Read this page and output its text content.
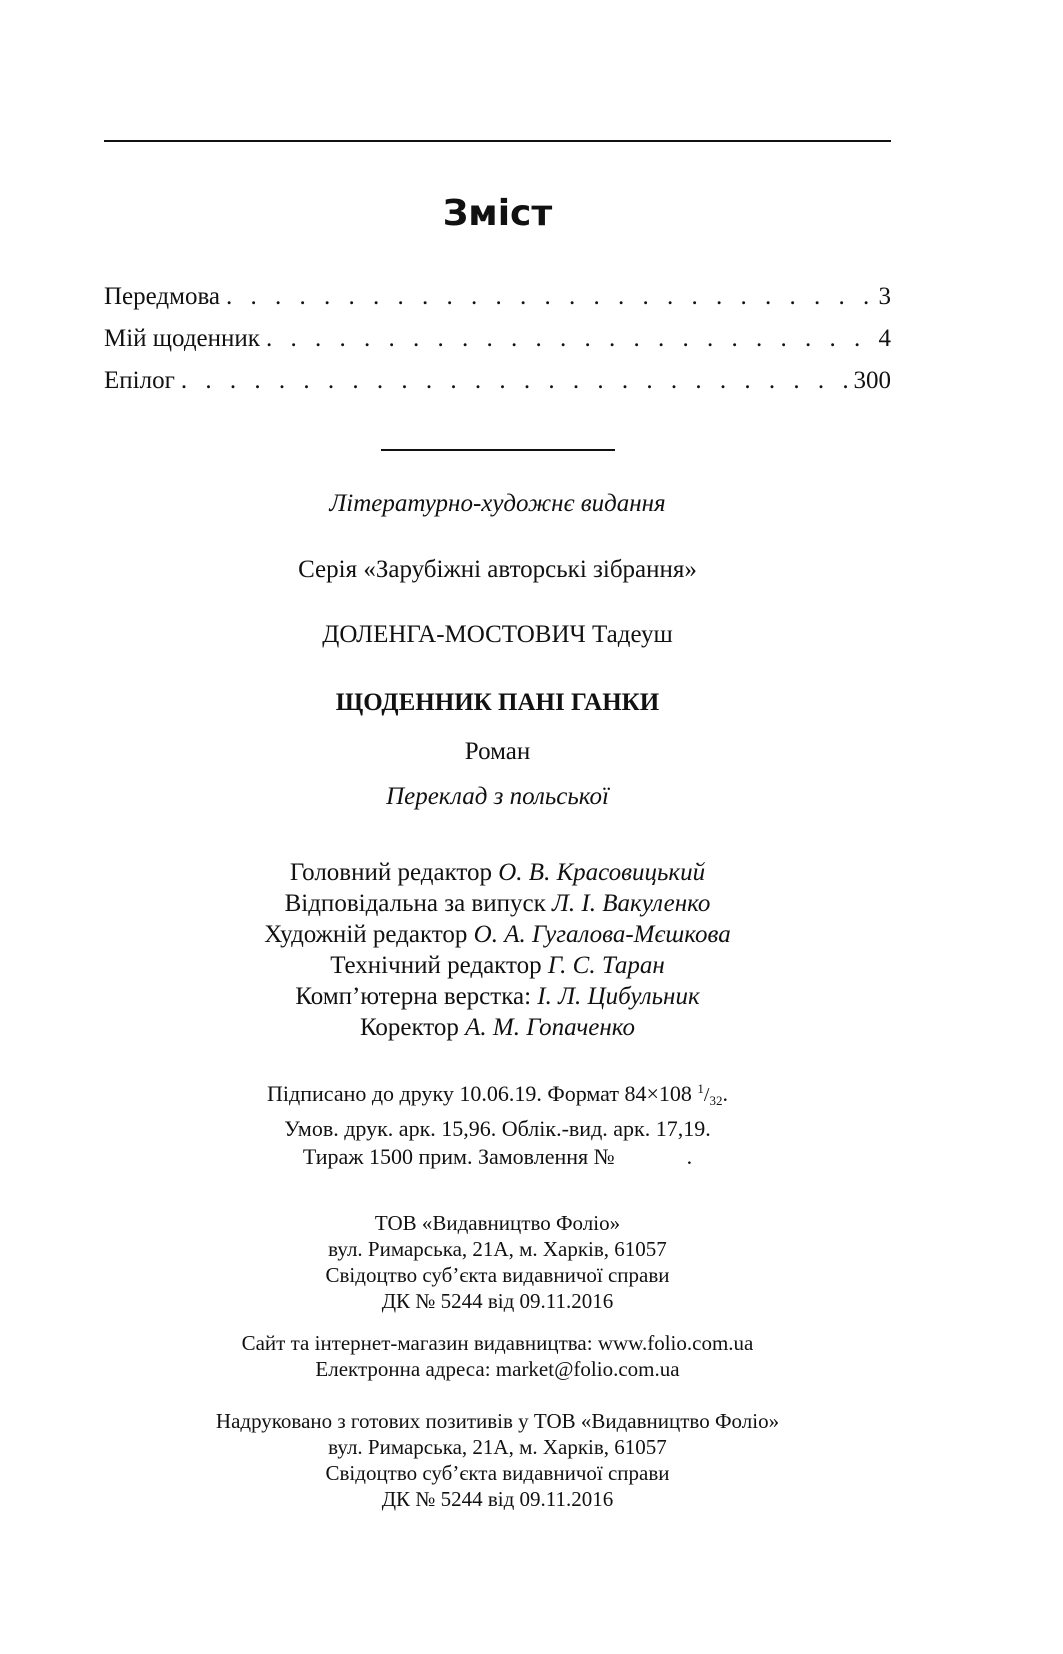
Зміст
Передмова . . .	3
Мій щоденник . . .	4
Епілог . . .	300
Літературно-художнє видання
Серія «Зарубіжні авторські зібрання»
ДОЛЕНГА-МОСТОВИЧ Тадеуш
ЩОДЕННИК ПАНІ ГАНКИ
Роман
Переклад з польської
Головний редактор О. В. Красовицький
Відповідальна за випуск Л. І. Вакуленко
Художній редактор О. А. Гугалова-Мєшкова
Технічний редактор Г. С. Таран
Комп’ютерна верстка: І. Л. Цибульник
Коректор А. М. Гопаченко
Підписано до друку 10.06.19. Формат 84×108 $^1/_{32}$.
Умов. друк. арк. 15,96. Облік.-вид. арк. 17,19.
Тираж 1500 прим. Замовлення №	.
ТОВ «Видавництво Фоліо»
вул. Римарська, 21А, м. Харків, 61057
Свідоцтво суб’єкта видавничої справи
ДК № 5244 від 09.11.2016
Сайт та інтернет-магазин видавництва: www.folio.com.ua
Електронна адреса: market@folio.com.ua
Надруковано з готових позитивів у ТОВ «Видавництво Фоліо»
вул. Римарська, 21А, м. Харків, 61057
Свідоцтво суб’єкта видавничої справи
ДК № 5244 від 09.11.2016
